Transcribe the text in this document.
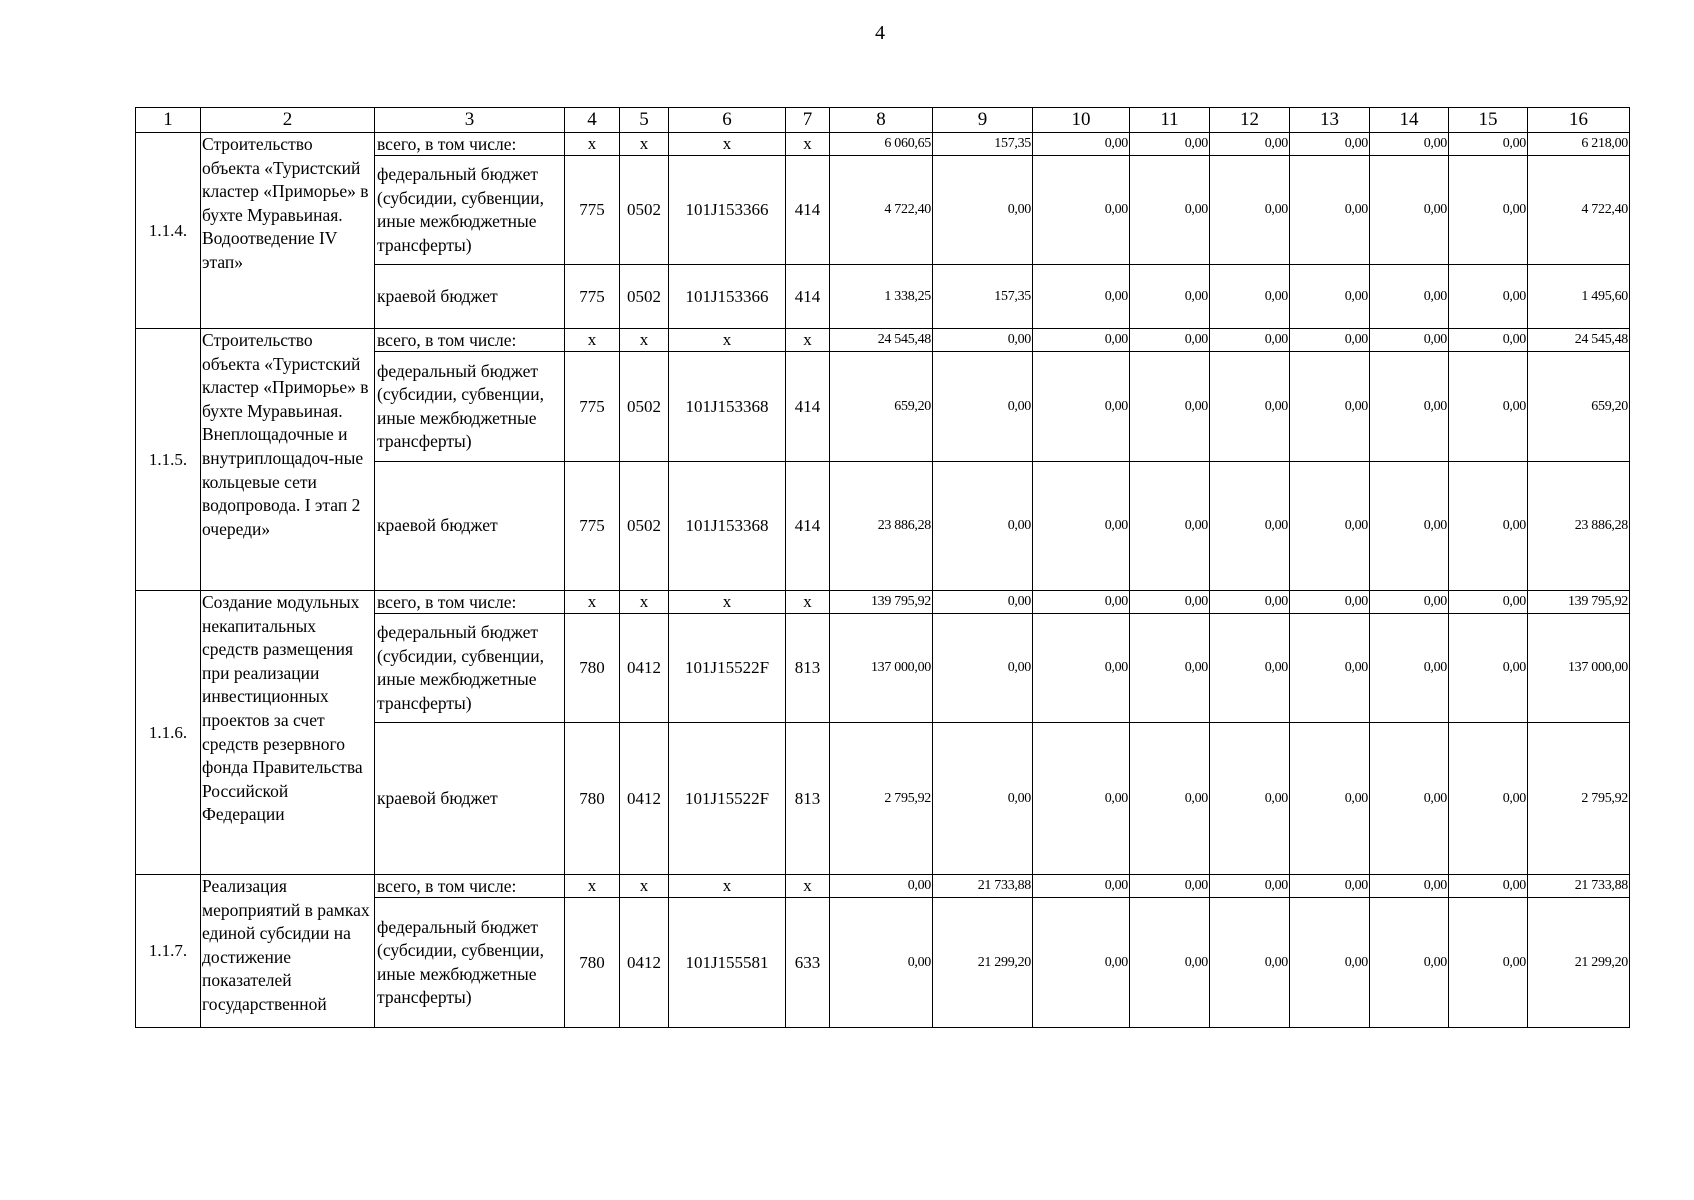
4
1	2	3	4	5	6	7	8	9	10	11	12	13	14	15	16
1.1.4.	Строительство объекта «Туристский кластер «Приморье» в бухте Муравьиная. Водоотведение IV этап»	всего, в том числе:	х	х	х	х	6 060,65	157,35	0,00	0,00	0,00	0,00	0,00	0,00	6 218,00
		федеральный бюджет (субсидии, субвенции, иные межбюджетные трансферты)	775	0502	101J153366	414	4 722,40	0,00	0,00	0,00	0,00	0,00	0,00	0,00	4 722,40
		краевой бюджет	775	0502	101J153366	414	1 338,25	157,35	0,00	0,00	0,00	0,00	0,00	0,00	1 495,60
1.1.5.	Строительство объекта «Туристский кластер «Приморье» в бухте Муравьиная. Внеплощадочные и внутриплощадоч-ные кольцевые сети водопровода. I этап 2 очереди»	всего, в том числе:	х	х	х	х	24 545,48	0,00	0,00	0,00	0,00	0,00	0,00	0,00	24 545,48
		федеральный бюджет (субсидии, субвенции, иные межбюджетные трансферты)	775	0502	101J153368	414	659,20	0,00	0,00	0,00	0,00	0,00	0,00	0,00	659,20
		краевой бюджет	775	0502	101J153368	414	23 886,28	0,00	0,00	0,00	0,00	0,00	0,00	0,00	23 886,28
1.1.6.	Создание модульных некапитальных средств размещения при реализации инвестиционных проектов за счет средств резервного фонда Правительства Российской Федерации	всего, в том числе:	х	х	х	х	139 795,92	0,00	0,00	0,00	0,00	0,00	0,00	0,00	139 795,92
		федеральный бюджет (субсидии, субвенции, иные межбюджетные трансферты)	780	0412	101J15522F	813	137 000,00	0,00	0,00	0,00	0,00	0,00	0,00	0,00	137 000,00
		краевой бюджет	780	0412	101J15522F	813	2 795,92	0,00	0,00	0,00	0,00	0,00	0,00	0,00	2 795,92
1.1.7.	Реализация мероприятий в рамках единой субсидии на достижение показателей государственной	всего, в том числе:	х	х	х	х	0,00	21 733,88	0,00	0,00	0,00	0,00	0,00	0,00	21 733,88
		федеральный бюджет (субсидии, субвенции, иные межбюджетные трансферты)	780	0412	101J155581	633	0,00	21 299,20	0,00	0,00	0,00	0,00	0,00	0,00	21 299,20
